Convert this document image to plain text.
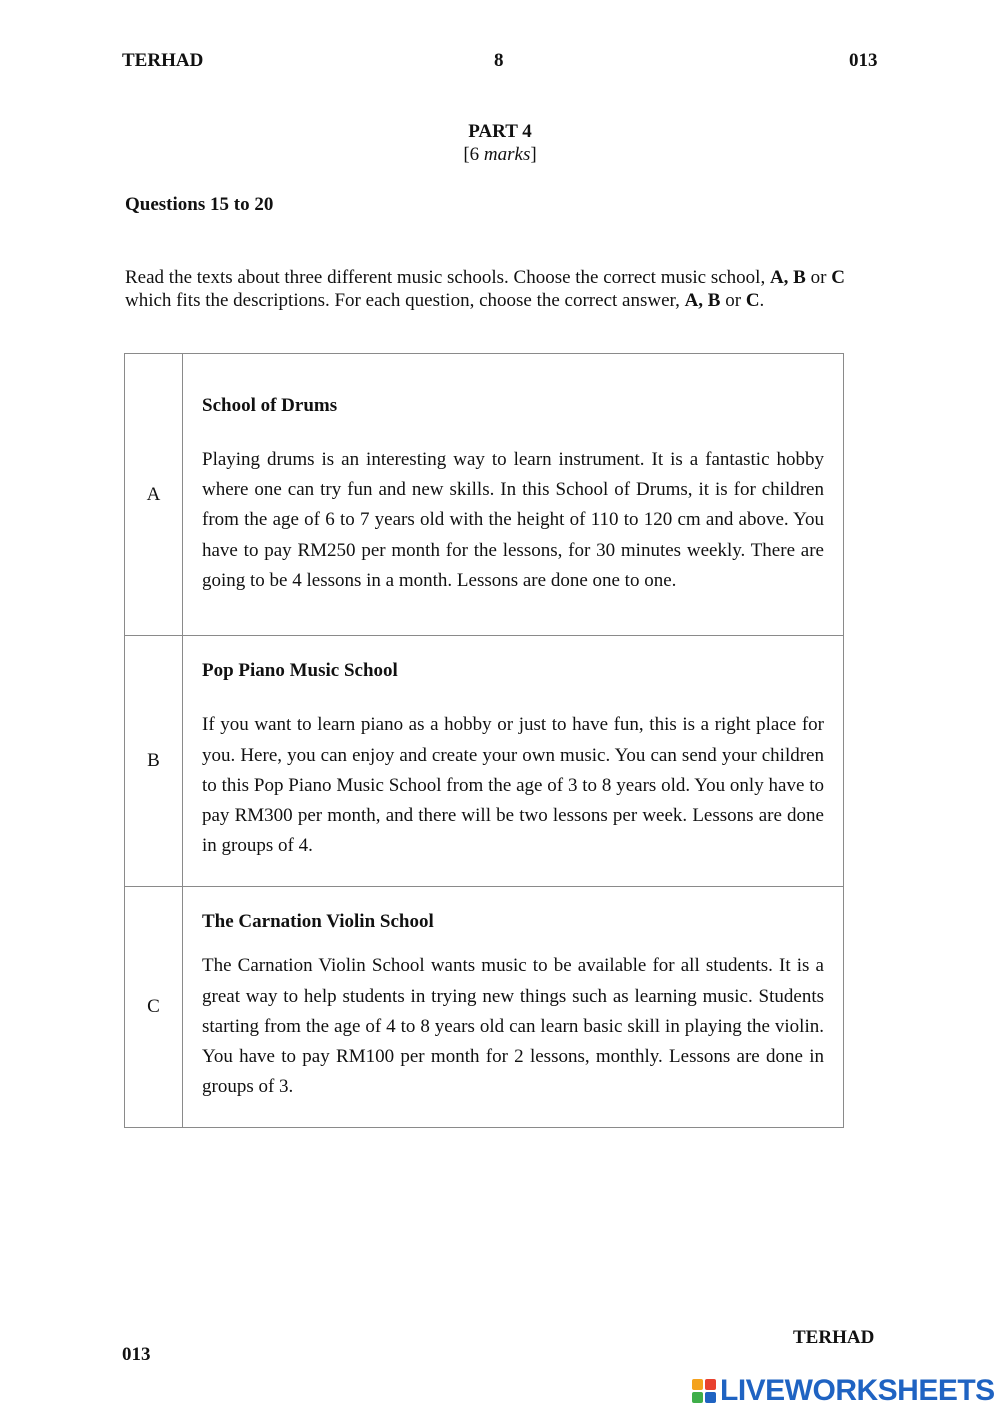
TERHAD	8	013
PART 4
[6 marks]
Questions 15 to 20
Read the texts about three different music schools. Choose the correct music school, A, B or C which fits the descriptions. For each question, choose the correct answer, A, B or C.
A	School of Drums

Playing drums is an interesting way to learn instrument. It is a fantastic hobby where one can try fun and new skills. In this School of Drums, it is for children from the age of 6 to 7 years old with the height of 110 to 120 cm and above. You have to pay RM250 per month for the lessons, for 30 minutes weekly. There are going to be 4 lessons in a month. Lessons are done one to one.

B	Pop Piano Music School

If you want to learn piano as a hobby or just to have fun, this is a right place for you. Here, you can enjoy and create your own music. You can send your children to this Pop Piano Music School from the age of 3 to 8 years old. You only have to pay RM300 per month, and there will be two lessons per week. Lessons are done in groups of 4.

C	The Carnation Violin School

The Carnation Violin School wants music to be available for all students. It is a great way to help students in trying new things such as learning music. Students starting from the age of 4 to 8 years old can learn basic skill in playing the violin. You have to pay RM100 per month for 2 lessons, monthly. Lessons are done in groups of 3.

TERHAD
013
LIVEWORKSHEETS
